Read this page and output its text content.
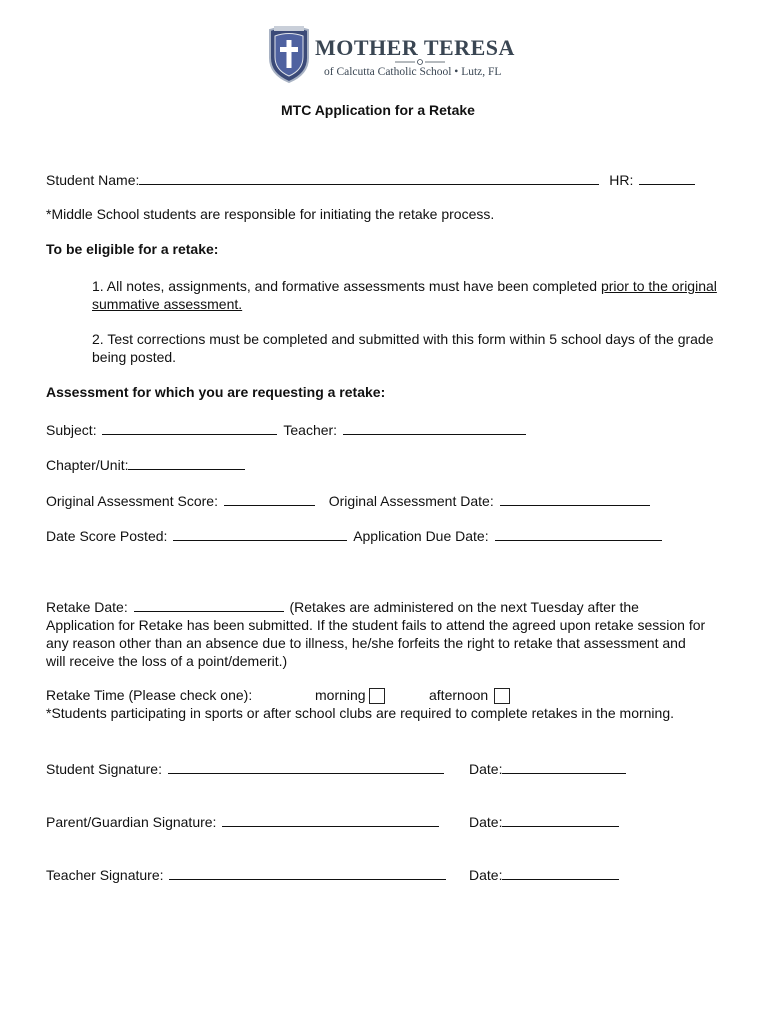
MOTHER TERESA
of Calcutta Catholic School • Lutz, FL
MTC Application for a Retake
Student Name:	HR:
*Middle School students are responsible for initiating the retake process.
To be eligible for a retake:
1. All notes, assignments, and formative assessments must have been completed prior to the original summative assessment.
2. Test corrections must be completed and submitted with this form within 5 school days of the grade being posted.
Assessment for which you are requesting a retake:
Subject:	Teacher:
Chapter/Unit:
Original Assessment Score:	Original Assessment Date:
Date Score Posted:	Application Due Date:
Retake Date:	(Retakes are administered on the next Tuesday after the
Application for Retake has been submitted. If the student fails to attend the agreed upon retake session for any reason other than an absence due to illness, he/she forfeits the right to retake that assessment and will receive the loss of a point/demerit.)
Retake Time (Please check one):	morning	afternoon
*Students participating in sports or after school clubs are required to complete retakes in the morning.
Student Signature:	Date:
Parent/Guardian Signature:	Date:
Teacher Signature:	Date:
